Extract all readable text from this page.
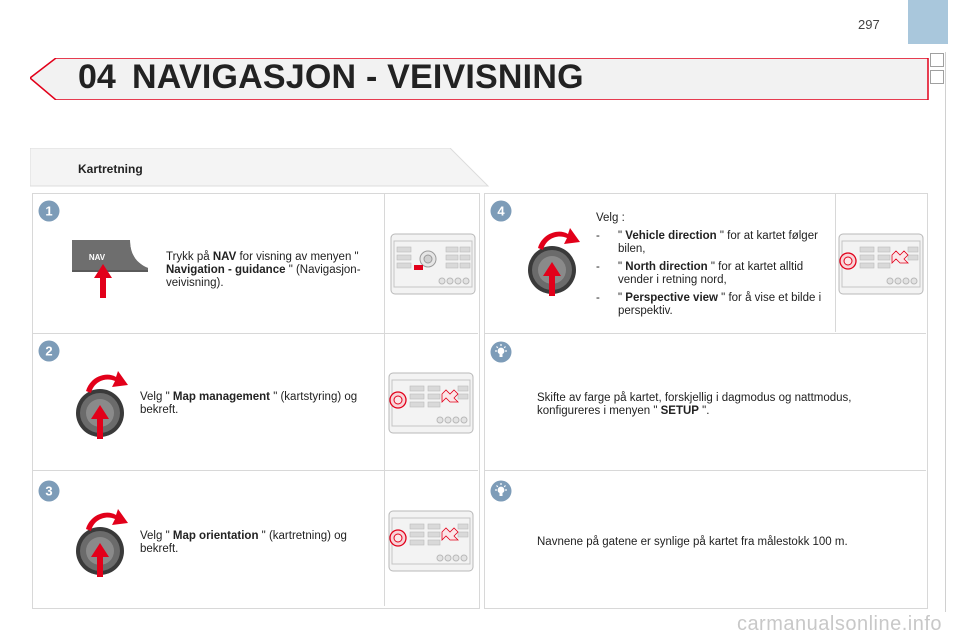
297
04 NAVIGASJON - VEIVISNING
Kartretning
1
2
3
4
NAV	Trykk på NAV for visning av menyen " Navigation - guidance " (Navigasjon-veivisning).
Velg " Map management " (kartstyring) og bekreft.
Velg " Map orientation " (kartretning) og bekreft.
Velg :
- " Vehicle direction " for at kartet følger bilen,
- " North direction " for at kartet alltid vender i retning nord,
- " Perspective view " for å vise et bilde i perspektiv.
Skifte av farge på kartet, forskjellig i dagmodus og nattmodus, konfigureres i menyen " SETUP ".
Navnene på gatene er synlige på kartet fra målestokk 100 m.
carmanualsonline.info
